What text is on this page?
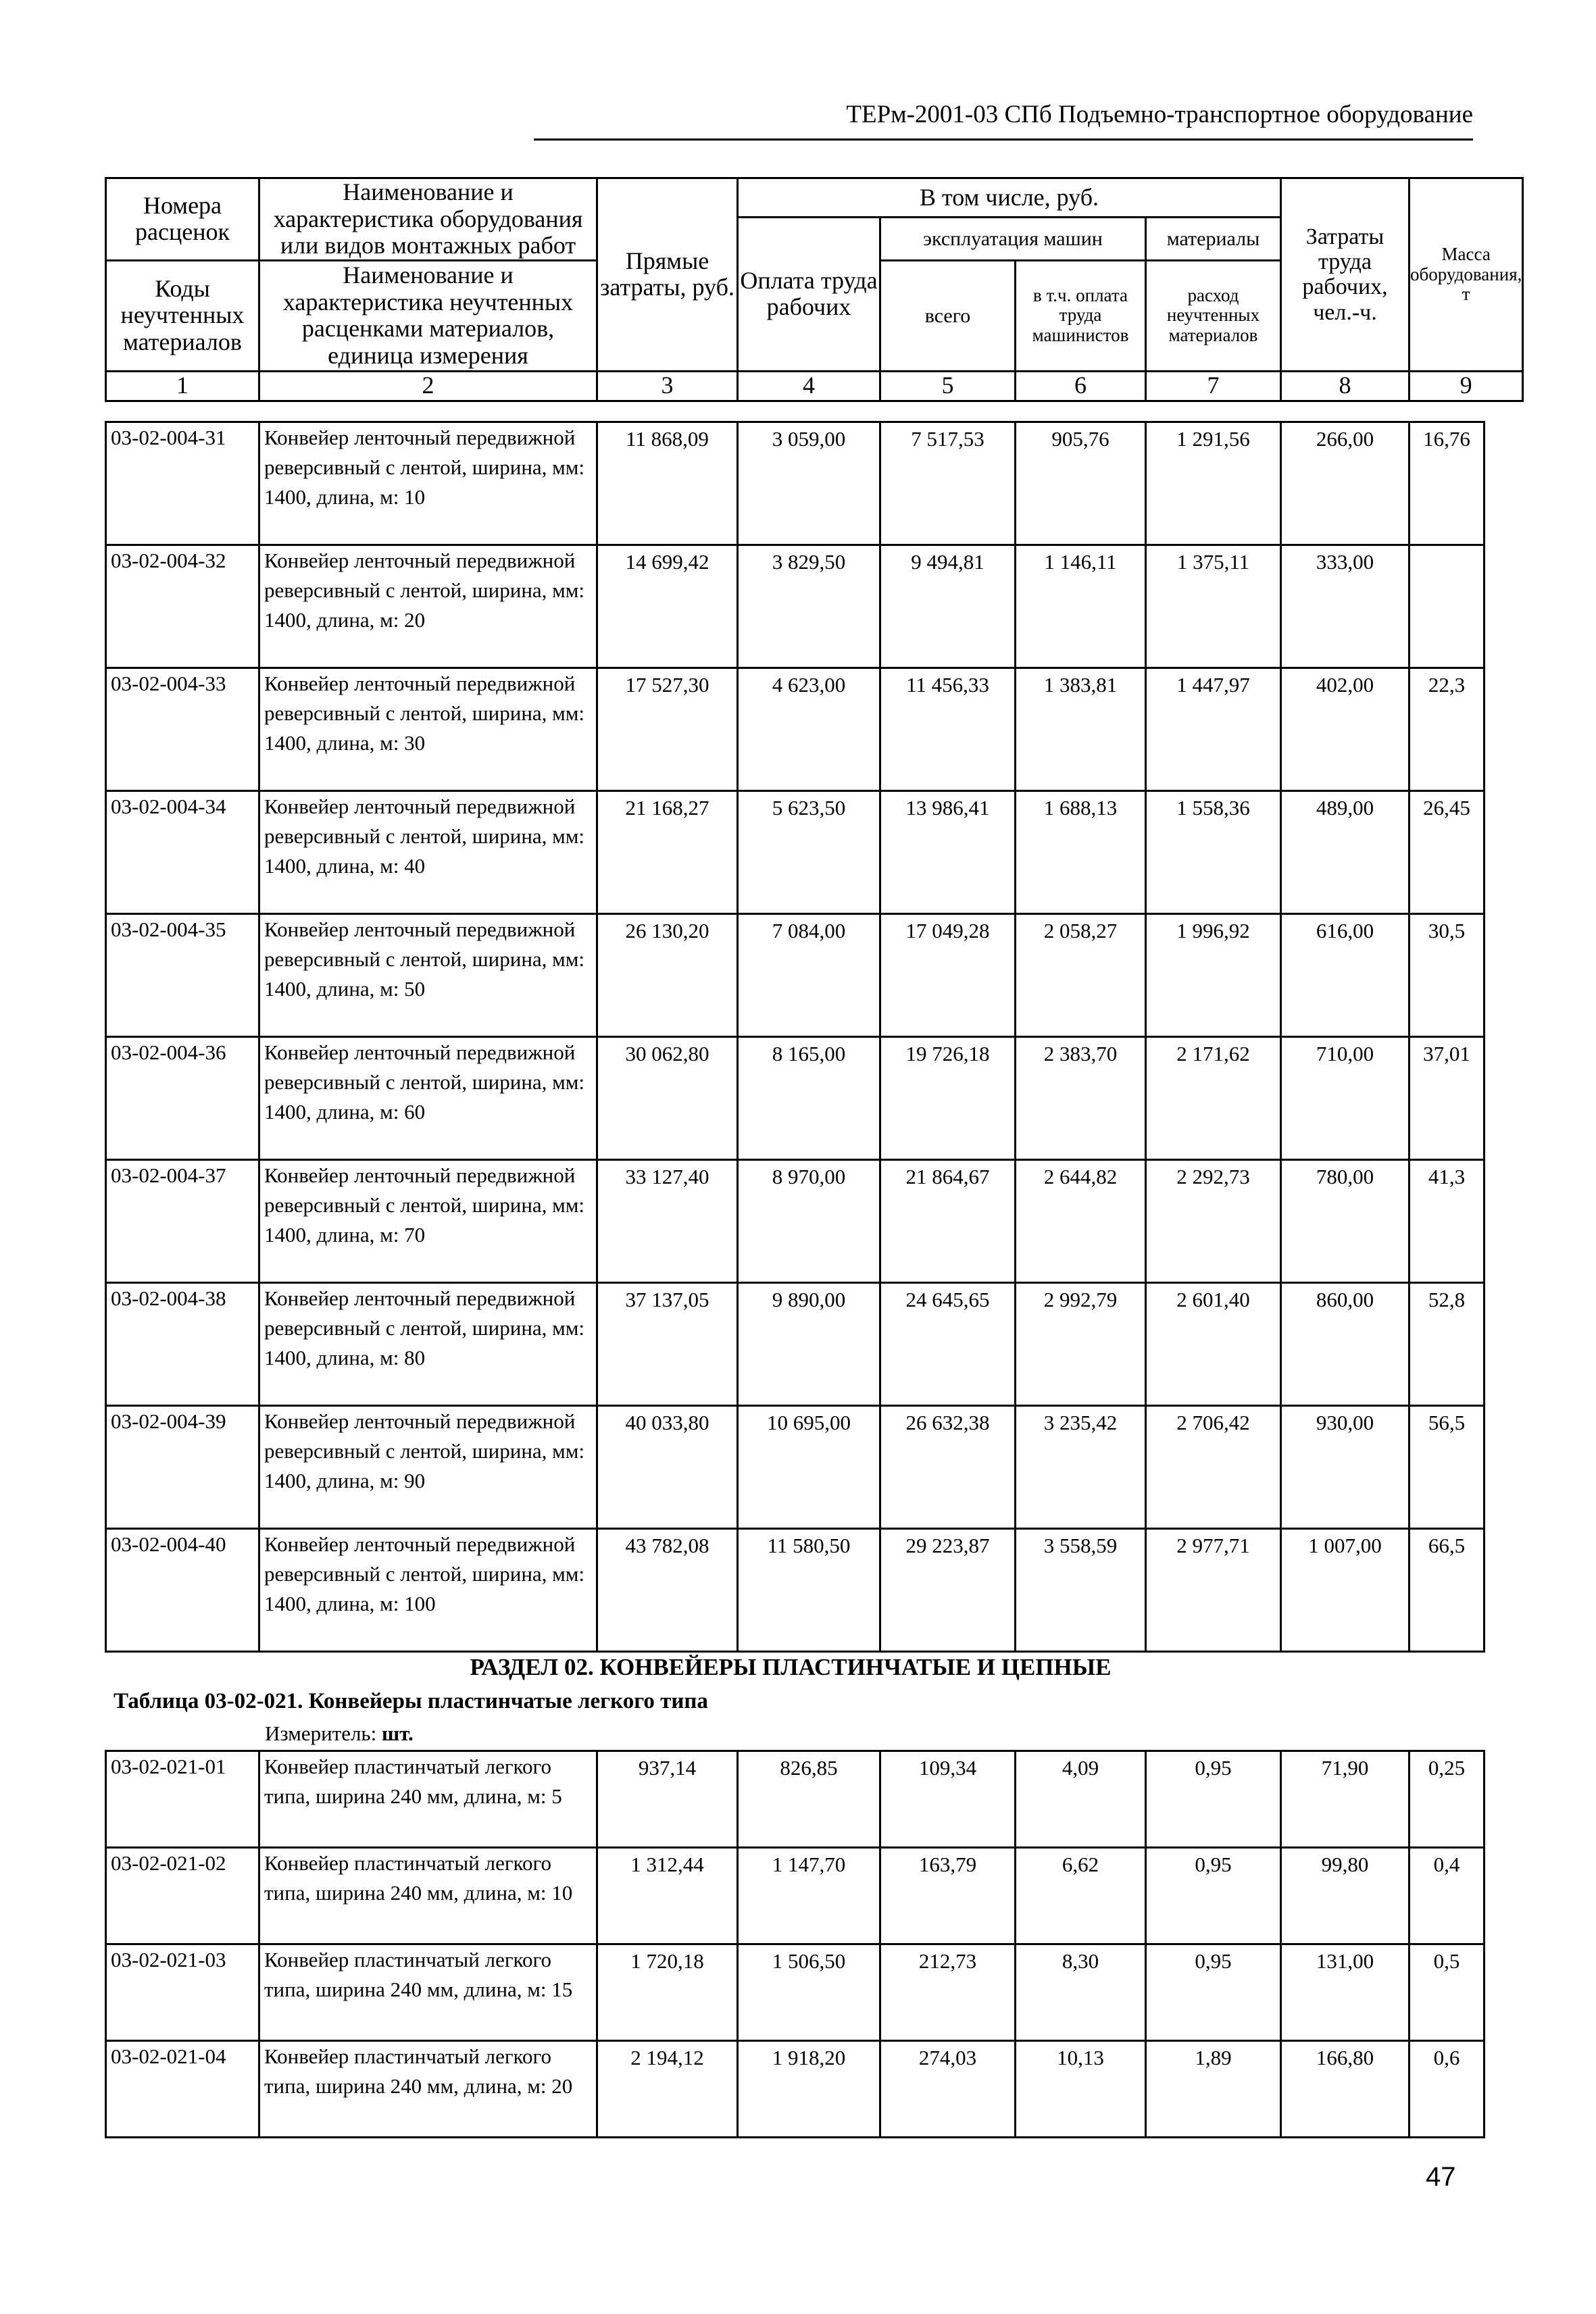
ТЕРм-2001-03 СПб Подъемно-транспортное оборудование
Номера расценок	Наименование и характеристика оборудования или видов монтажных работ	Прямые затраты, руб.	В том числе, руб.				Затраты труда рабочих, чел.-ч.	Масса оборудования, т
			Оплата труда рабочих	эксплуатация машин		материалы		
Коды неучтенных материалов	Наименование и характеристика неучтенных расценками материалов, единица измерения			всего	в т.ч. оплата труда машинистов	расход неучтенных материалов		

1	2	3	4	5	6	7	8	9
03-02-004-31	Конвейер ленточный передвижной реверсивный с лентой, ширина, мм: 1400, длина, м: 10	11 868,09	3 059,00	7 517,53	905,76	1 291,56	266,00	16,76
03-02-004-32	Конвейер ленточный передвижной реверсивный с лентой, ширина, мм: 1400, длина, м: 20	14 699,42	3 829,50	9 494,81	1 146,11	1 375,11	333,00	
03-02-004-33	Конвейер ленточный передвижной реверсивный с лентой, ширина, мм: 1400, длина, м: 30	17 527,30	4 623,00	11 456,33	1 383,81	1 447,97	402,00	22,3
03-02-004-34	Конвейер ленточный передвижной реверсивный с лентой, ширина, мм: 1400, длина, м: 40	21 168,27	5 623,50	13 986,41	1 688,13	1 558,36	489,00	26,45
03-02-004-35	Конвейер ленточный передвижной реверсивный с лентой, ширина, мм: 1400, длина, м: 50	26 130,20	7 084,00	17 049,28	2 058,27	1 996,92	616,00	30,5
03-02-004-36	Конвейер ленточный передвижной реверсивный с лентой, ширина, мм: 1400, длина, м: 60	30 062,80	8 165,00	19 726,18	2 383,70	2 171,62	710,00	37,01
03-02-004-37	Конвейер ленточный передвижной реверсивный с лентой, ширина, мм: 1400, длина, м: 70	33 127,40	8 970,00	21 864,67	2 644,82	2 292,73	780,00	41,3
03-02-004-38	Конвейер ленточный передвижной реверсивный с лентой, ширина, мм: 1400, длина, м: 80	37 137,05	9 890,00	24 645,65	2 992,79	2 601,40	860,00	52,8
03-02-004-39	Конвейер ленточный передвижной реверсивный с лентой, ширина, мм: 1400, длина, м: 90	40 033,80	10 695,00	26 632,38	3 235,42	2 706,42	930,00	56,5
03-02-004-40	Конвейер ленточный передвижной реверсивный с лентой, ширина, мм: 1400, длина, м: 100	43 782,08	11 580,50	29 223,87	3 558,59	2 977,71	1 007,00	66,5
РАЗДЕЛ 02. КОНВЕЙЕРЫ ПЛАСТИНЧАТЫЕ И ЦЕПНЫЕ
Таблица 03-02-021. Конвейеры пластинчатые легкого типа
Измеритель: шт.
03-02-021-01	Конвейер пластинчатый легкого типа, ширина 240 мм, длина, м: 5	937,14	826,85	109,34	4,09	0,95	71,90	0,25
03-02-021-02	Конвейер пластинчатый легкого типа, ширина 240 мм, длина, м: 10	1 312,44	1 147,70	163,79	6,62	0,95	99,80	0,4
03-02-021-03	Конвейер пластинчатый легкого типа, ширина 240 мм, длина, м: 15	1 720,18	1 506,50	212,73	8,30	0,95	131,00	0,5
03-02-021-04	Конвейер пластинчатый легкого типа, ширина 240 мм, длина, м: 20	2 194,12	1 918,20	274,03	10,13	1,89	166,80	0,6
47
